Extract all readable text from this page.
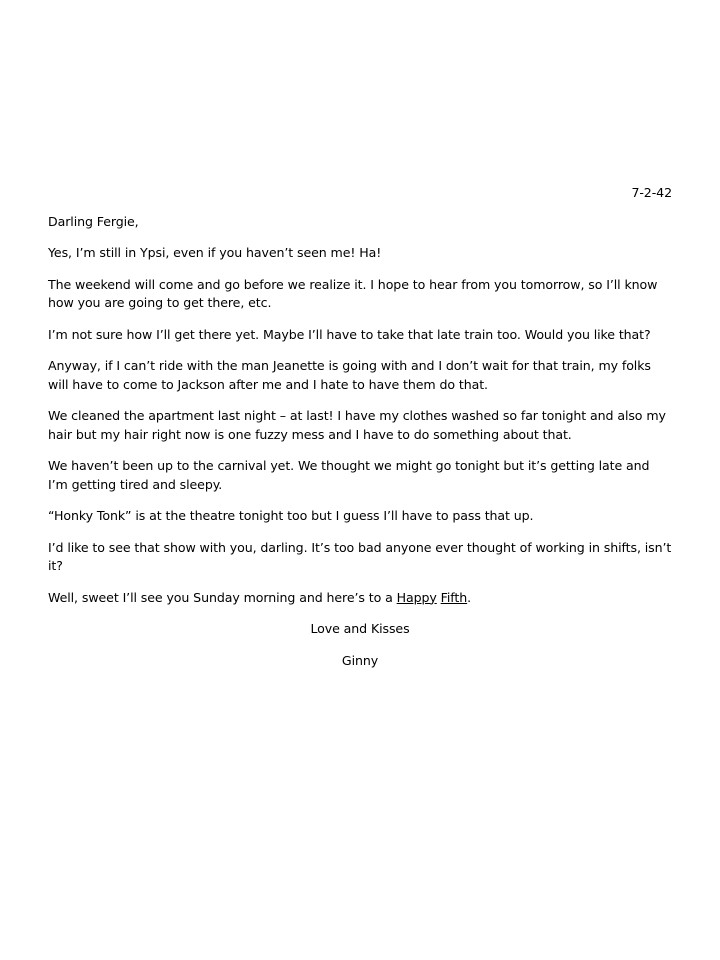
7-2-42
Darling Fergie,

Yes, I’m still in Ypsi, even if you haven’t seen me! Ha!

The weekend will come and go before we realize it. I hope to hear from you tomorrow, so I’ll know how you are going to get there, etc.

I’m not sure how I’ll get there yet. Maybe I’ll have to take that late train too. Would you like that?

Anyway, if I can’t ride with the man Jeanette is going with and I don’t wait for that train, my folks will have to come to Jackson after me and I hate to have them do that.

We cleaned the apartment last night – at last! I have my clothes washed so far tonight and also my hair but my hair right now is one fuzzy mess and I have to do something about that.

We haven’t been up to the carnival yet. We thought we might go tonight but it’s getting late and I’m getting tired and sleepy.

“Honky Tonk” is at the theatre tonight too but I guess I’ll have to pass that up.

I’d like to see that show with you, darling. It’s too bad anyone ever thought of working in shifts, isn’t it?

Well, sweet I’ll see you Sunday morning and here’s to a Happy Fifth.

Love and Kisses
Ginny
